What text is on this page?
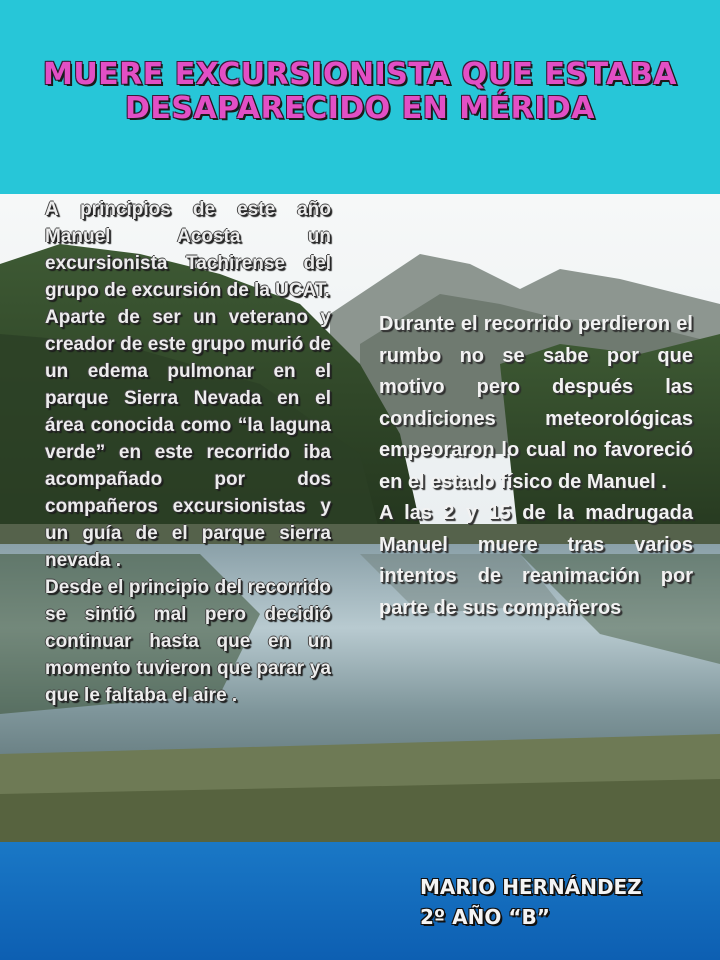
MUERE EXCURSIONISTA QUE ESTABA DESAPARECIDO EN MÉRIDA

A principios de este año Manuel Acosta un excursionista Tachirense del grupo de excursión de la UCAT.

Aparte de ser un veterano y creador de este grupo murió de un edema pulmonar en el parque Sierra Nevada en el área conocida como “la laguna verde” en este recorrido iba acompañado por dos compañeros excursionistas y un guía de el parque sierra nevada .

Desde el principio del recorrido se sintió mal pero decidió continuar hasta que en un momento tuvieron que parar ya que le faltaba el aire .

Durante el recorrido perdieron el rumbo no se sabe por que motivo pero después las condiciones meteorológicas empeoraron lo cual no favoreció en el estado físico de Manuel .

A las 2 y 15 de la madrugada Manuel muere tras varios intentos de reanimación por parte de sus compañeros

MARIO HERNÁNDEZ
2º AÑO “B”
